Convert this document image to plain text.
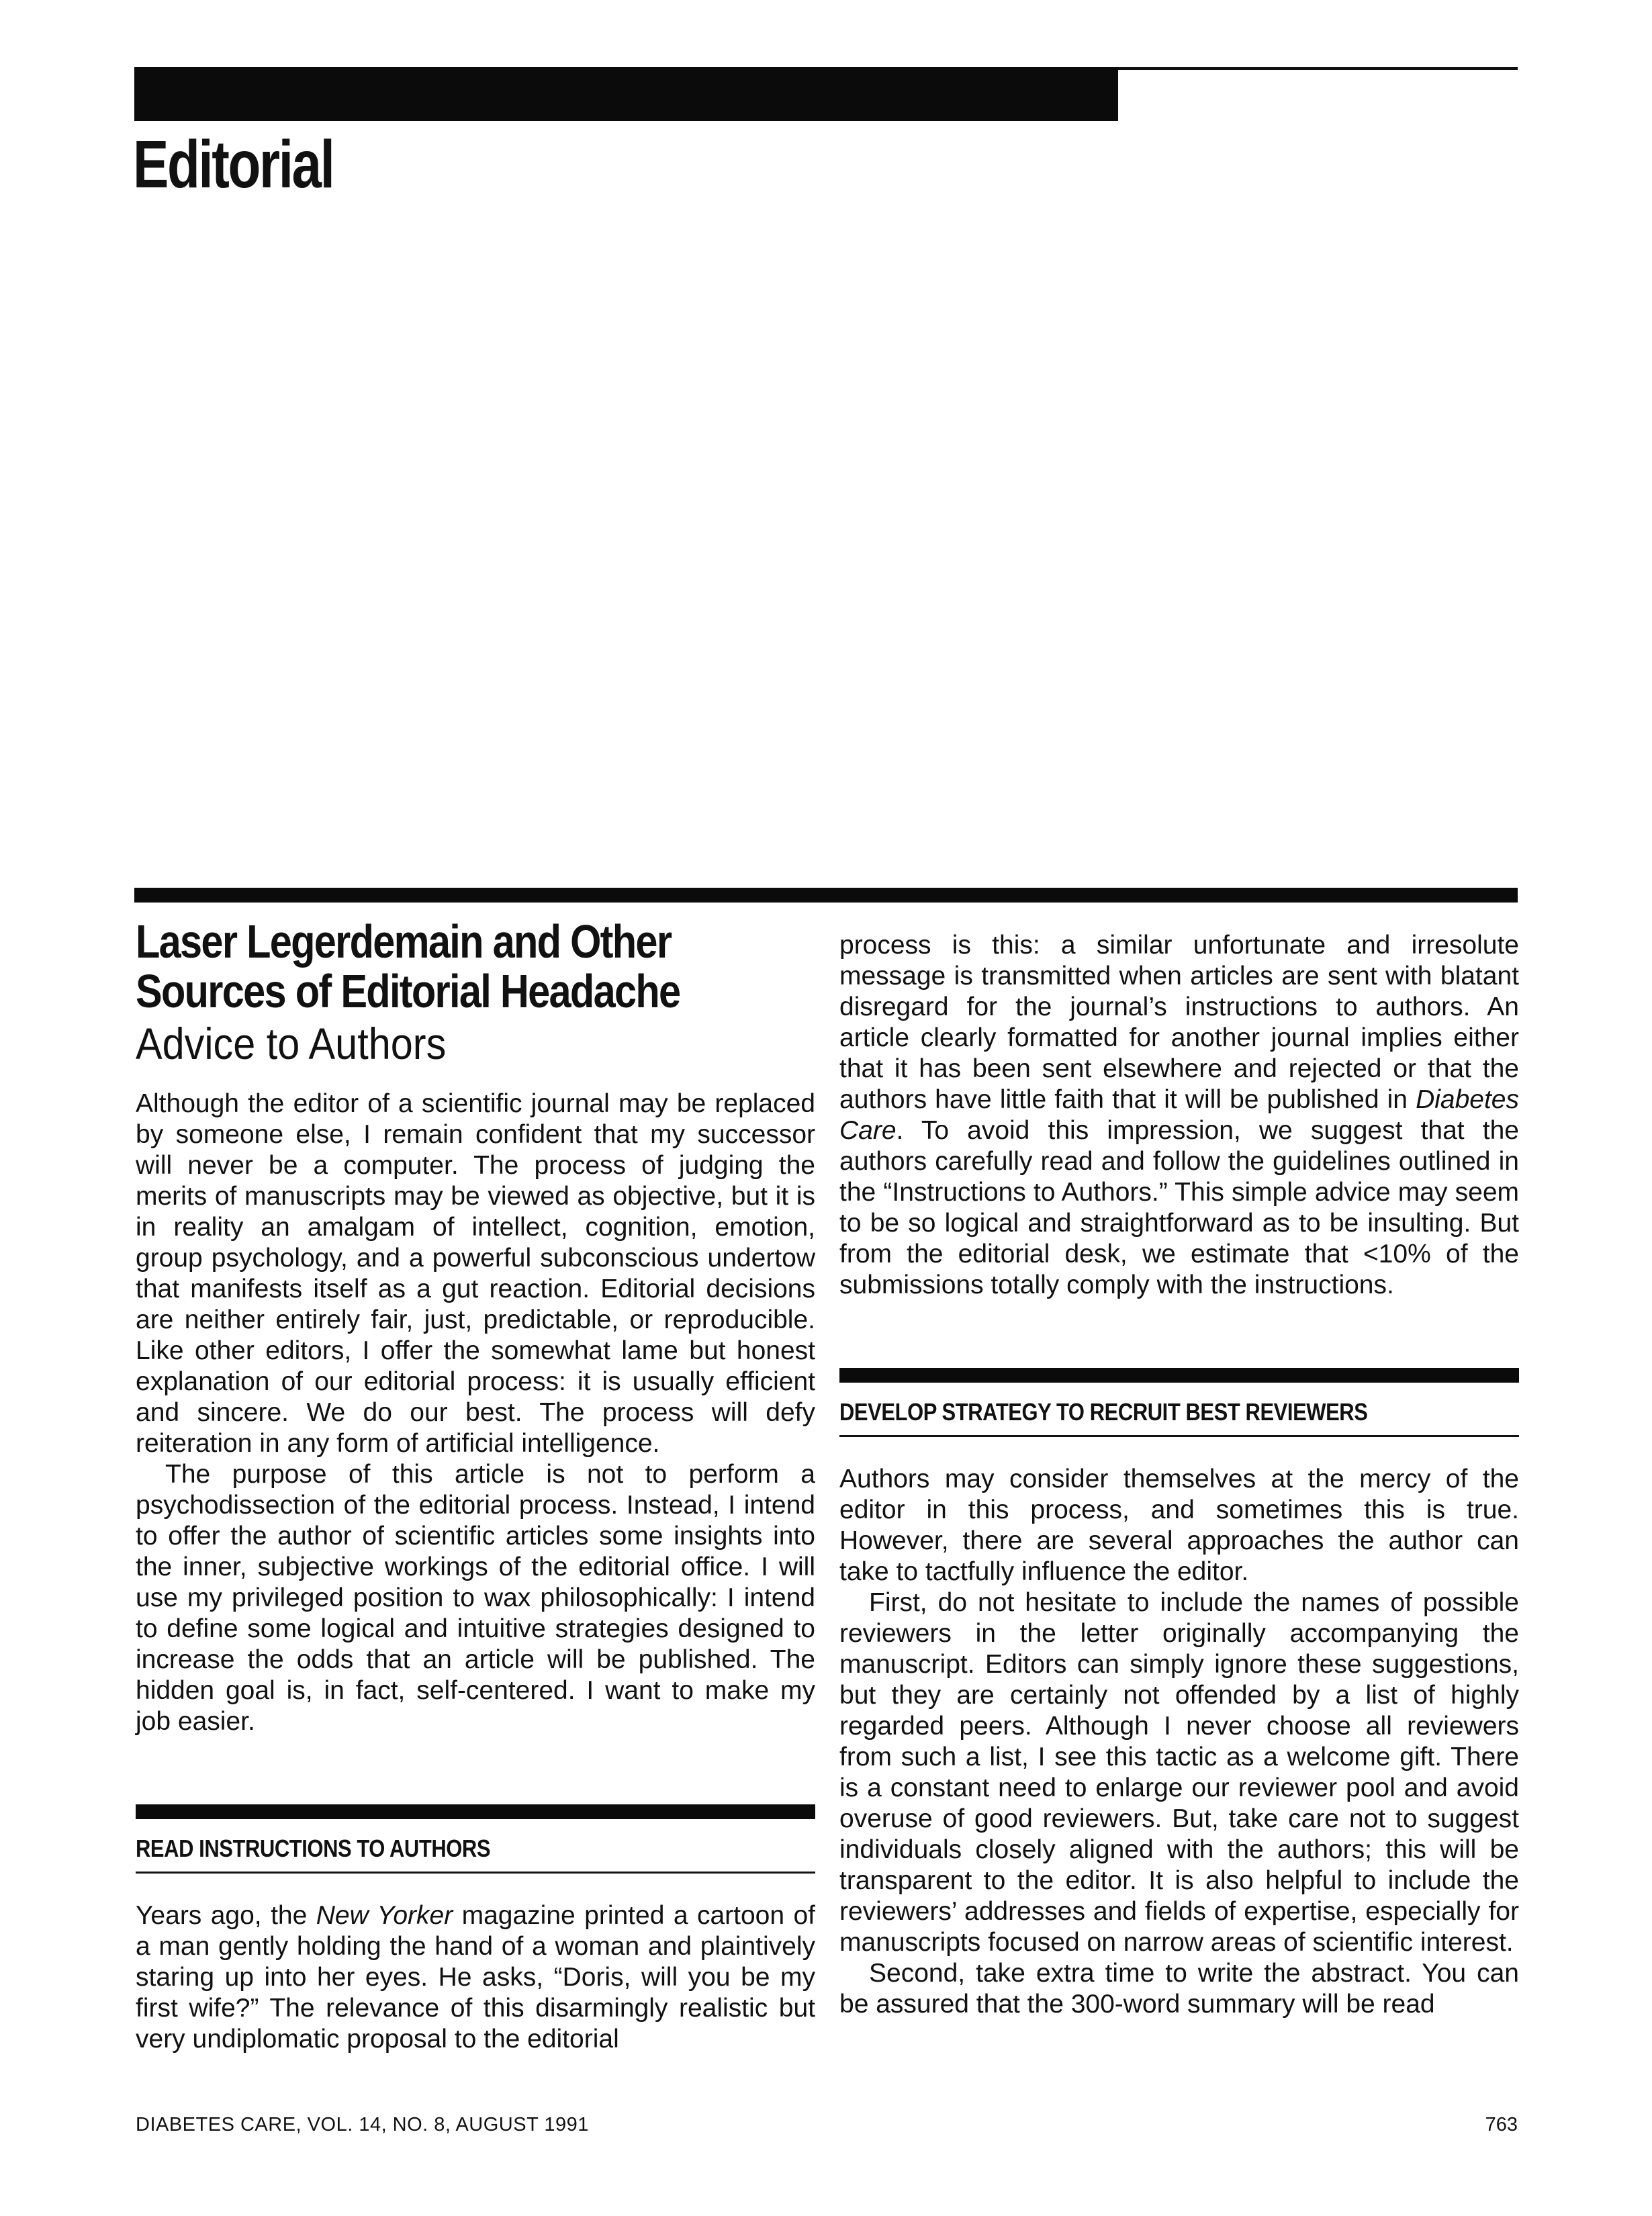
Editorial
Laser Legerdemain and Other
Sources of Editorial Headache
Advice to Authors

Although the editor of a scientific journal may be replaced by someone else, I remain confident that my successor will never be a computer. The process of judging the merits of manuscripts may be viewed as objective, but it is in reality an amalgam of intellect, cognition, emotion, group psychology, and a powerful subconscious undertow that manifests itself as a gut reaction. Editorial decisions are neither entirely fair, just, predictable, or reproducible. Like other editors, I offer the somewhat lame but honest explanation of our editorial process: it is usually efficient and sincere. We do our best. The process will defy reiteration in any form of artificial intelligence.

The purpose of this article is not to perform a psychodissection of the editorial process. Instead, I intend to offer the author of scientific articles some insights into the inner, subjective workings of the editorial office. I will use my privileged position to wax philosophically: I intend to define some logical and intuitive strategies designed to increase the odds that an article will be published. The hidden goal is, in fact, self-centered. I want to make my job easier.

READ INSTRUCTIONS TO AUTHORS

Years ago, the New Yorker magazine printed a cartoon of a man gently holding the hand of a woman and plaintively staring up into her eyes. He asks, “Doris, will you be my first wife?” The relevance of this disarmingly realistic but very undiplomatic proposal to the editorial

process is this: a similar unfortunate and irresolute message is transmitted when articles are sent with blatant disregard for the journal’s instructions to authors. An article clearly formatted for another journal implies either that it has been sent elsewhere and rejected or that the authors have little faith that it will be published in Diabetes Care. To avoid this impression, we suggest that the authors carefully read and follow the guidelines outlined in the “Instructions to Authors.” This simple advice may seem to be so logical and straightforward as to be insulting. But from the editorial desk, we estimate that <10% of the submissions totally comply with the instructions.

DEVELOP STRATEGY TO RECRUIT BEST REVIEWERS

Authors may consider themselves at the mercy of the editor in this process, and sometimes this is true. However, there are several approaches the author can take to tactfully influence the editor.

First, do not hesitate to include the names of possible reviewers in the letter originally accompanying the manuscript. Editors can simply ignore these suggestions, but they are certainly not offended by a list of highly regarded peers. Although I never choose all reviewers from such a list, I see this tactic as a welcome gift. There is a constant need to enlarge our reviewer pool and avoid overuse of good reviewers. But, take care not to suggest individuals closely aligned with the authors; this will be transparent to the editor. It is also helpful to include the reviewers’ addresses and fields of expertise, especially for manuscripts focused on narrow areas of scientific interest.

Second, take extra time to write the abstract. You can be assured that the 300-word summary will be read

DIABETES CARE, VOL. 14, NO. 8, AUGUST 1991	763
